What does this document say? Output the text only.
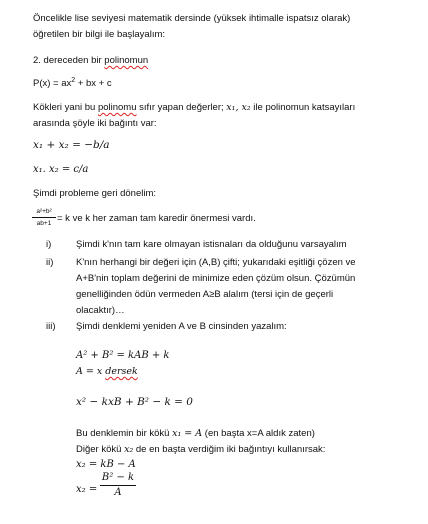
Öncelikle lise seviyesi matematik dersinde (yüksek ihtimalle ispatsız olarak)
öğretilen bir bilgi ile başlayalım:
2. dereceden bir polinomun
$P(x) = ax^2$ + bx + c
Kökleri yani bu polinomu sıfır yapan değerler; x₁, x₂ ile polinomun katsayıları
arasında şöyle iki bağıntı var:
x₁ + x₂ = −b/a
x₁. x₂ = c/a
Şimdi probleme geri dönelim:
a²+b²
ab+1 = k ve k her zaman tam karedir önermesi vardı.
i)	Şimdi k'nın tam kare olmayan istisnaları da olduğunu varsayalım
ii) K'nın herhangi bir değeri için (A,B) çifti; yukarıdaki eşitliği çözen ve
A+B'nin toplam değerini de minimize eden çözüm olsun. Çözümün
genelliğinden ödün vermeden A≥B alalım (tersi için de geçerli
olacaktır)…
iii) Şimdi denklemi yeniden A ve B cinsinden yazalım:
A² + B² = kAB + k
A = x dersek
x² − kxB + B² − k = 0
Bu denklemin bir kökü x₁ = A (en başta x=A aldık zaten)
Diğer kökü x₂ de en başta verdiğim iki bağıntıyı kullanırsak:
x₂ = kB − A
x₂ =
B² − k
A
